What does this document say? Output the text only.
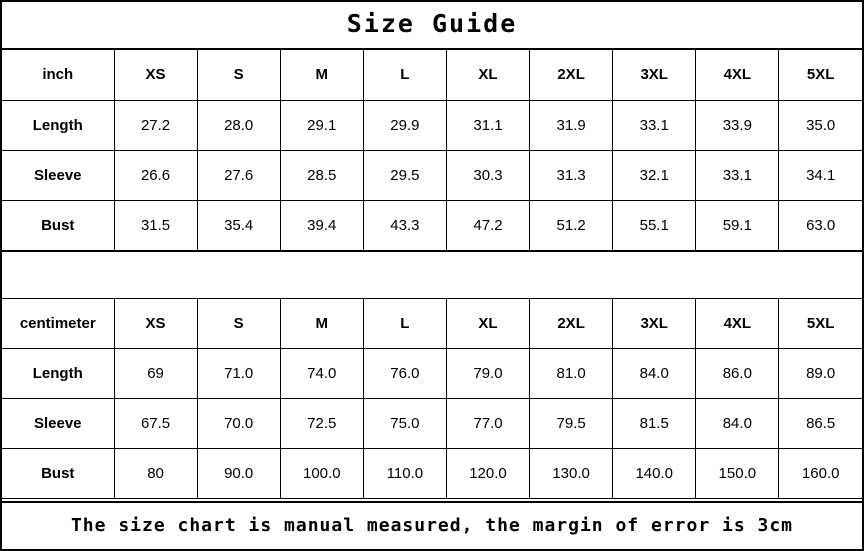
Size Guide
inch	XS	S	M	L	XL	2XL	3XL	4XL	5XL
Length	27.2	28.0	29.1	29.9	31.1	31.9	33.1	33.9	35.0
Sleeve	26.6	27.6	28.5	29.5	30.3	31.3	32.1	33.1	34.1
Bust	31.5	35.4	39.4	43.3	47.2	51.2	55.1	59.1	63.0
centimeter	XS	S	M	L	XL	2XL	3XL	4XL	5XL
Length	69	71.0	74.0	76.0	79.0	81.0	84.0	86.0	89.0
Sleeve	67.5	70.0	72.5	75.0	77.0	79.5	81.5	84.0	86.5
Bust	80	90.0	100.0	110.0	120.0	130.0	140.0	150.0	160.0
The size chart is manual measured, the margin of error is 3cm
